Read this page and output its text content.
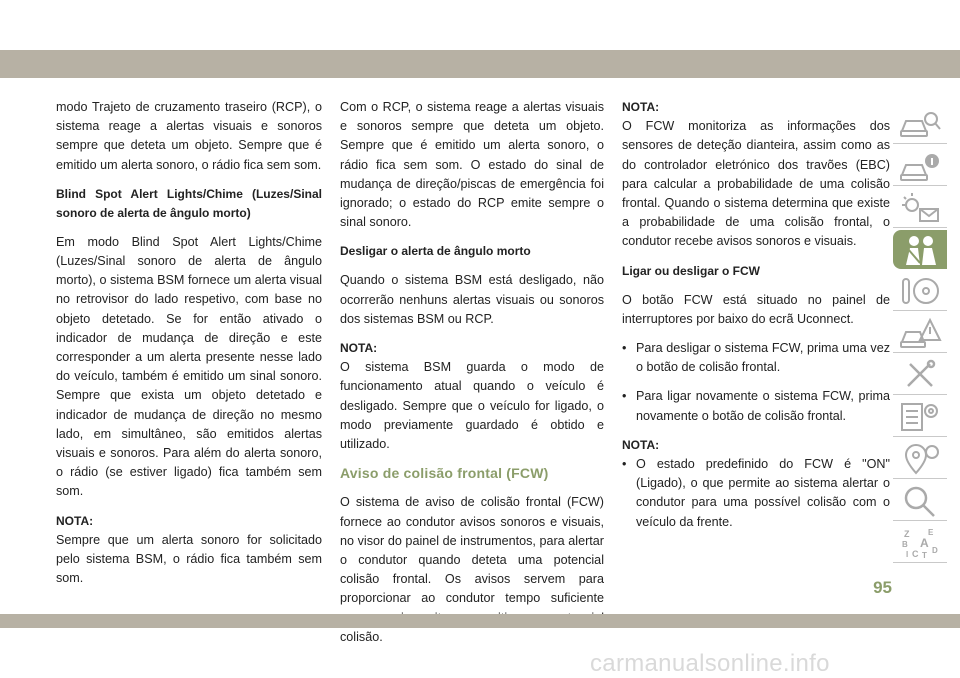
modo Trajeto de cruzamento traseiro (RCP), o sistema reage a alertas visuais e sonoros sempre que deteta um objeto. Sempre que é emitido um alerta sonoro, o rádio fica sem som.

Blind Spot Alert Lights/Chime (Luzes/Sinal sonoro de alerta de ângulo morto)

Em modo Blind Spot Alert Lights/Chime (Luzes/Sinal sonoro de alerta de ângulo morto), o sistema BSM fornece um alerta visual no retrovisor do lado respetivo, com base no objeto detetado. Se for então ativado o indicador de mudança de direção e este corresponder a um alerta presente nesse lado do veículo, também é emitido um sinal sonoro. Sempre que exista um objeto detetado e indicador de mudança de direção no mesmo lado, em simultâneo, são emitidos alertas visuais e sonoros. Para além do alerta sonoro, o rádio (se estiver ligado) fica também sem som.

NOTA:

Sempre que um alerta sonoro for solicitado pelo sistema BSM, o rádio fica também sem som.

Com o RCP, o sistema reage a alertas visuais e sonoros sempre que deteta um objeto. Sempre que é emitido um alerta sonoro, o rádio fica sem som. O estado do sinal de mudança de direção/piscas de emergência foi ignorado; o estado do RCP emite sempre o sinal sonoro.

Desligar o alerta de ângulo morto

Quando o sistema BSM está desligado, não ocorrerão nenhuns alertas visuais ou sonoros dos sistemas BSM ou RCP.

NOTA:

O sistema BSM guarda o modo de funcionamento atual quando o veículo é desligado. Sempre que o veículo for ligado, o modo previamente guardado é obtido e utilizado.

Aviso de colisão frontal (FCW)

O sistema de aviso de colisão frontal (FCW) fornece ao condutor avisos sonoros e visuais, no visor do painel de instrumentos, para alertar o condutor quando deteta uma potencial colisão frontal. Os avisos servem para proporcionar ao condutor tempo suficiente colisão.

NOTA:

O FCW monitoriza as informações dos sensores de deteção dianteira, assim como as do controlador eletrónico dos travões (EBC) para calcular a probabilidade de uma colisão frontal. Quando o sistema determina que existe a probabilidade de uma colisão frontal, o condutor recebe avisos sonoros e visuais.

Ligar ou desligar o FCW

O botão FCW está situado no painel de interruptores por baixo do ecrã Uconnect.

• Para desligar o sistema FCW, prima uma vez o botão de colisão frontal.

• Para ligar novamente o sistema FCW, prima novamente o botão de colisão frontal.

NOTA:

• O estado predefinido do FCW é "ON" (Ligado), o que permite ao sistema alertar o condutor para uma possível colisão com o veículo da frente.

Z E
A
B
C
I T
D
95
carmanualsonline.info
